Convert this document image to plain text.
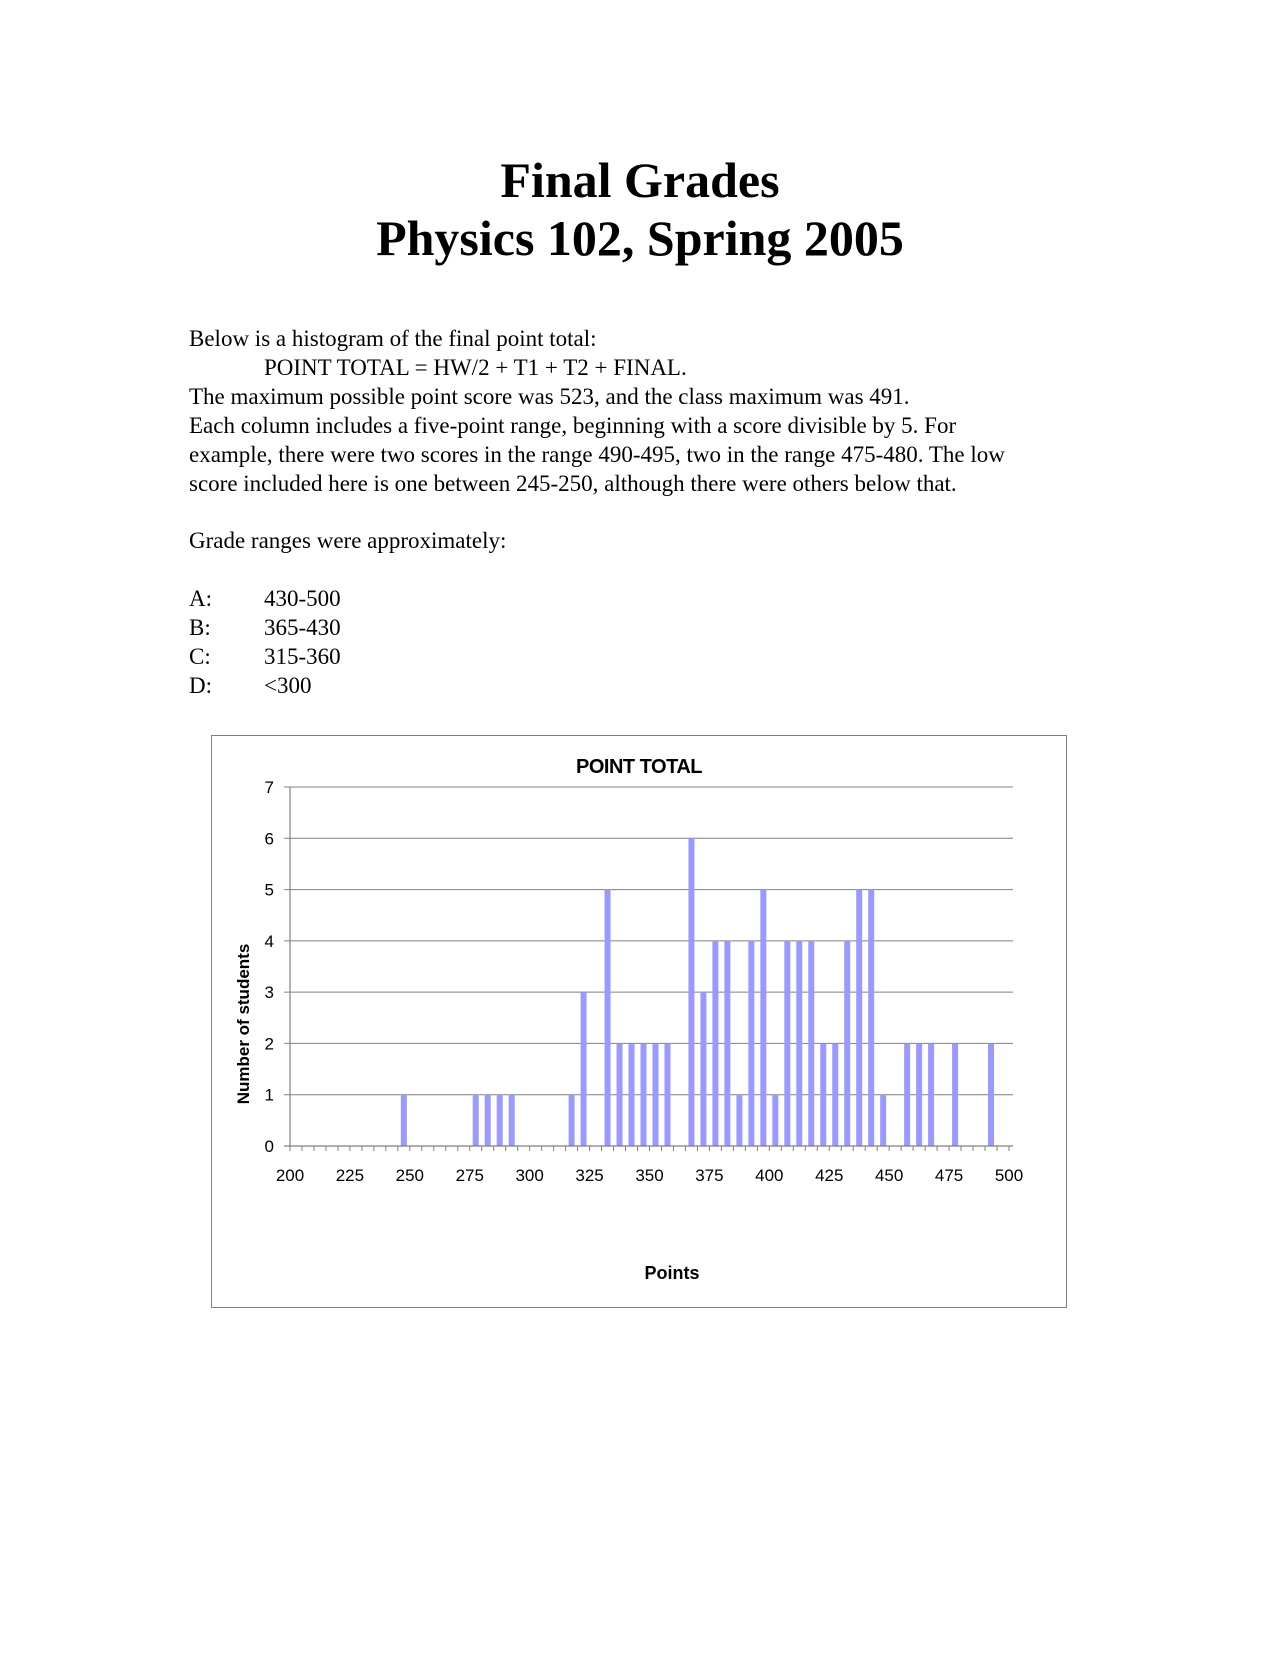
Final Grades
Physics 102, Spring 2005

Below is a histogram of the final point total:

POINT TOTAL = HW/2 + T1 + T2 + FINAL.

The maximum possible point score was 523, and the class maximum was 491.

Each column includes a five-point range, beginning with a score divisible by 5. For

example, there were two scores in the range 490-495, two in the range 475-480. The low

score included here is one between 245-250, although there were others below that.

Grade ranges were approximately:

A: 430-500
B: 365-430
C: 315-360
D: <300
0
1
2
3
4
5
6
7
200 225 250 275 300 325 350 375 400 425 450 475 500
POINT TOTAL
Points
Number of students
